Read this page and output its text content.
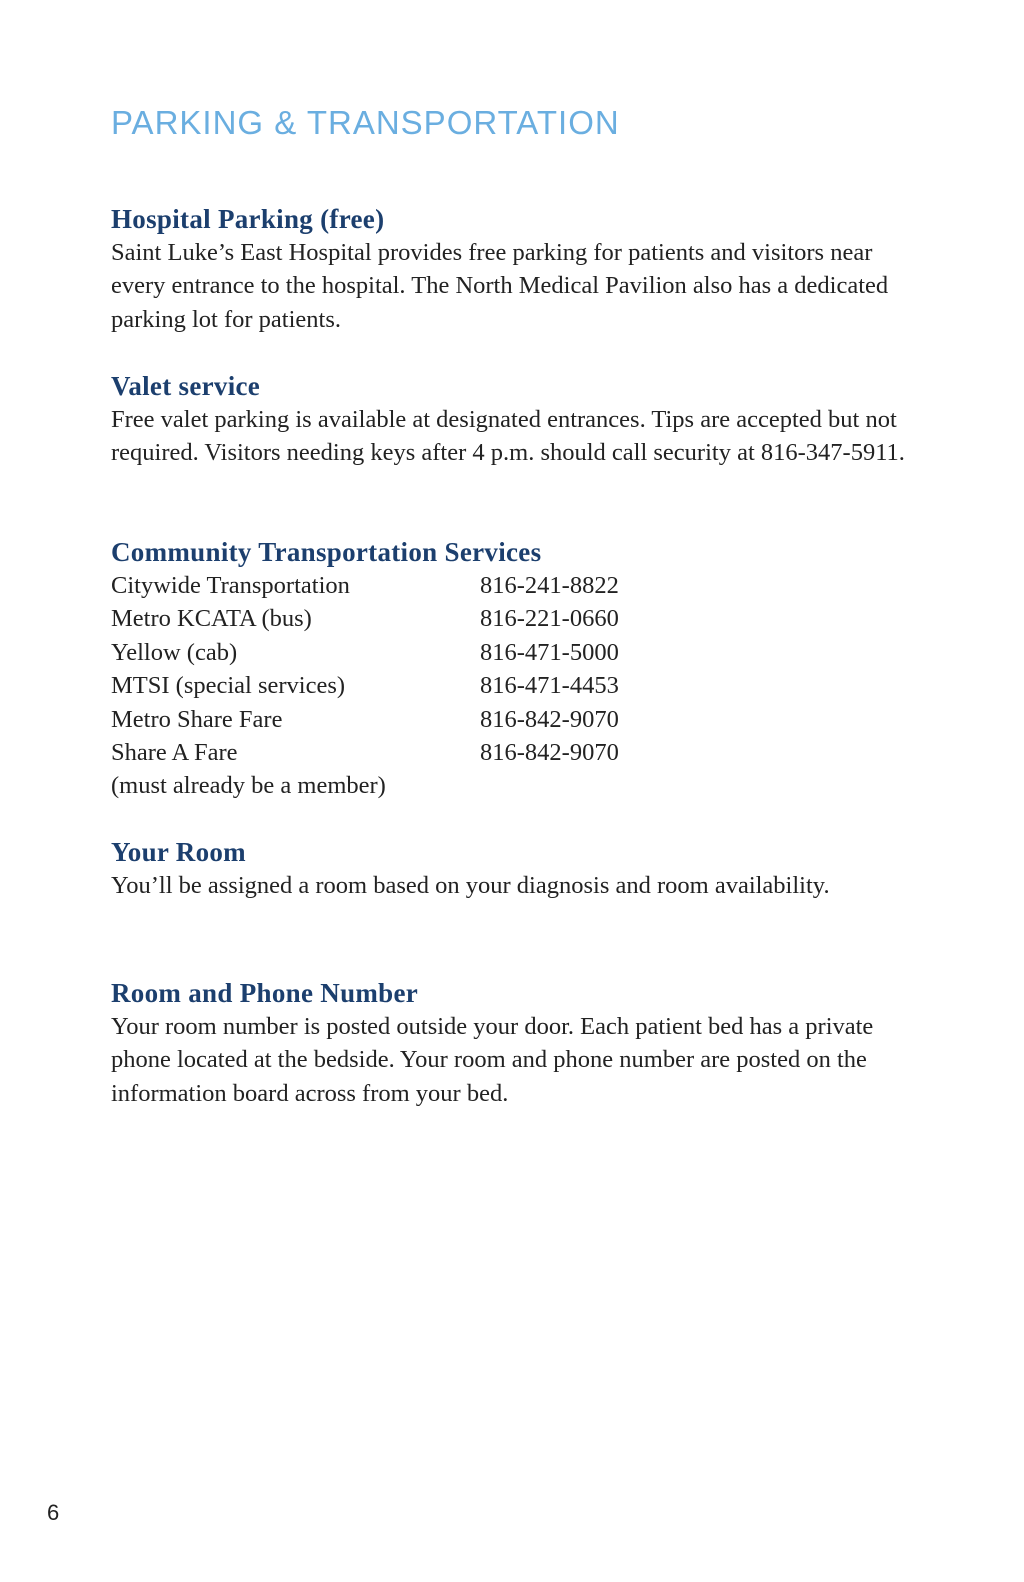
PARKING & TRANSPORTATION
Hospital Parking (free)

Saint Luke’s East Hospital provides free parking for patients and visitors near every entrance to the hospital. The North Medical Pavilion also has a dedicated parking lot for patients.

Valet service

Free valet parking is available at designated entrances. Tips are accepted but not required. Visitors needing keys after 4 p.m. should call security at 816-347-5911.

Community Transportation Services
Citywide Transportation	816-241-8822
Metro KCATA (bus)	816-221-0660
Yellow (cab)	816-471-5000
MTSI (special services)	816-471-4453
Metro Share Fare	816-842-9070
Share A Fare	816-842-9070
(must already be a member)
Your Room

You’ll be assigned a room based on your diagnosis and room availability.

Room and Phone Number

Your room number is posted outside your door. Each patient bed has a private phone located at the bedside. Your room and phone number are posted on the information board across from your bed.

6
